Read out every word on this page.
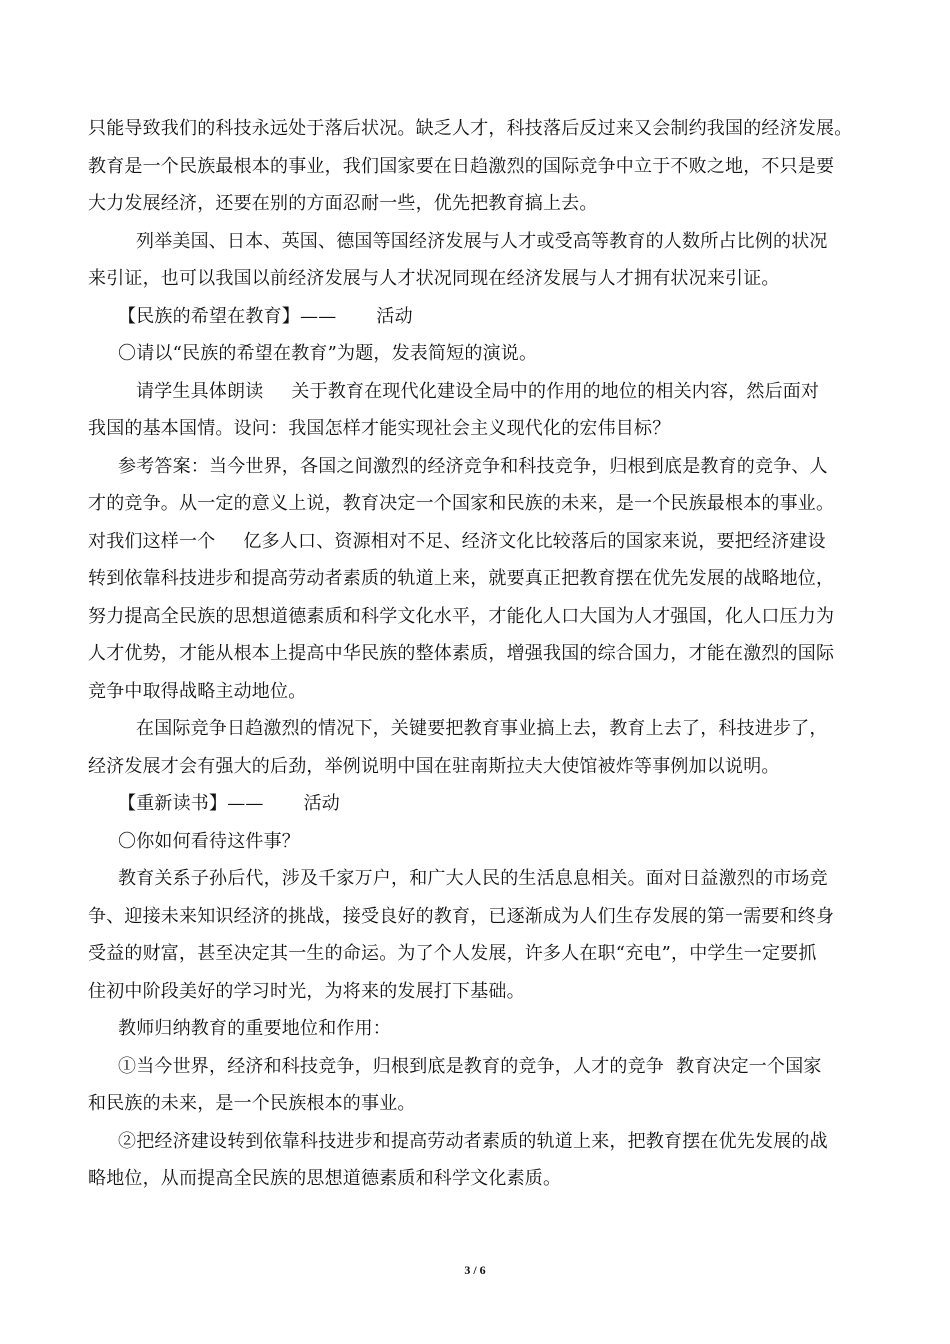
只能导致我们的科技永远处于落后状况。缺乏人才，科技落后反过来又会制约我国的经济发展。
教育是一个民族最根本的事业，我们国家要在日趋激烈的国际竞争中立于不败之地，不只是要
大力发展经济，还要在别的方面忍耐一些，优先把教育搞上去。
列举美国、日本、英国、德国等国经济发展与人才或受高等教育的人数所占比例的状况
来引证，也可以我国以前经济发展与人才状况同现在经济发展与人才拥有状况来引证。
【民族的希望在教育】—— 活动
〇请以“民族的希望在教育”为题，发表简短的演说。
请学生具体朗读 关于教育在现代化建设全局中的作用的地位的相关内容，然后面对
我国的基本国情。设问：我国怎样才能实现社会主义现代化的宏伟目标？
参考答案：当今世界，各国之间激烈的经济竞争和科技竞争，归根到底是教育的竞争、人
才的竞争。从一定的意义上说，教育决定一个国家和民族的未来，是一个民族最根本的事业。
对我们这样一个 亿多人口、资源相对不足、经济文化比较落后的国家来说，要把经济建设
转到依靠科技进步和提高劳动者素质的轨道上来，就要真正把教育摆在优先发展的战略地位，
努力提高全民族的思想道德素质和科学文化水平，才能化人口大国为人才强国，化人口压力为
人才优势，才能从根本上提高中华民族的整体素质，增强我国的综合国力，才能在激烈的国际
竞争中取得战略主动地位。
在国际竞争日趋激烈的情况下，关键要把教育事业搞上去，教育上去了，科技进步了，
经济发展才会有强大的后劲，举例说明中国在驻南斯拉夫大使馆被炸等事例加以说明。
【重新读书】—— 活动
〇你如何看待这件事？
教育关系子孙后代，涉及千家万户，和广大人民的生活息息相关。面对日益激烈的市场竞
争、迎接未来知识经济的挑战，接受良好的教育，已逐渐成为人们生存发展的第一需要和终身
受益的财富，甚至决定其一生的命运。为了个人发展，许多人在职“充电”，中学生一定要抓
住初中阶段美好的学习时光，为将来的发展打下基础。
教师归纳教育的重要地位和作用：
①当今世界，经济和科技竞争，归根到底是教育的竞争，人才的竞争 教育决定一个国家
和民族的未来，是一个民族根本的事业。
②把经济建设转到依靠科技进步和提高劳动者素质的轨道上来，把教育摆在优先发展的战
略地位，从而提高全民族的思想道德素质和科学文化素质。
3 / 6
